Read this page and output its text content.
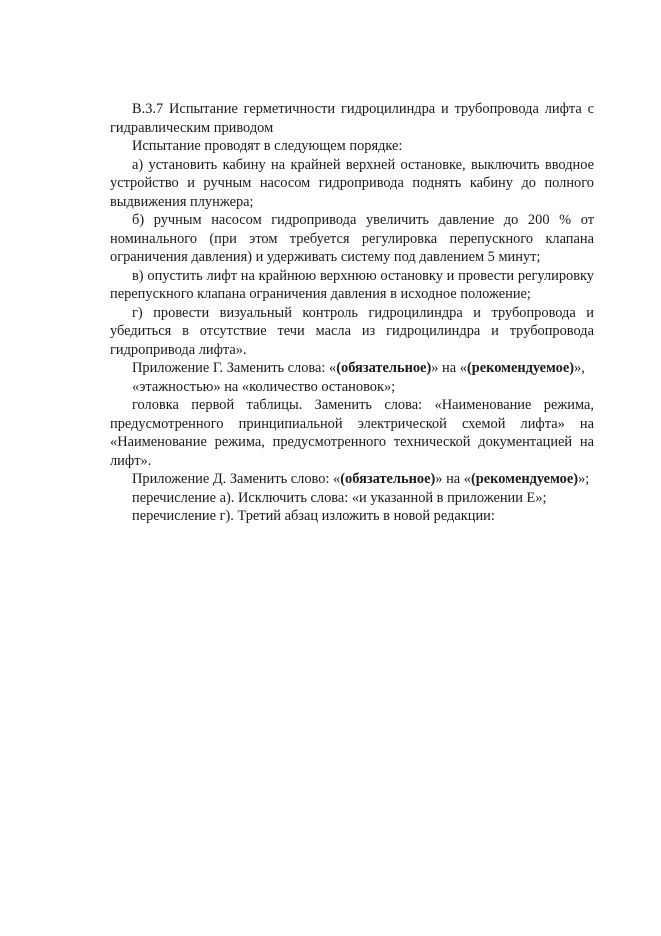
В.3.7 Испытание герметичности гидроцилиндра и трубопровода лифта с гидравлическим приводом

Испытание проводят в следующем порядке:

а) установить кабину на крайней верхней остановке, выключить вводное устройство и ручным насосом гидропривода поднять кабину до полного выдвижения плунжера;

б) ручным насосом гидропривода увеличить давление до 200 % от номинального (при этом требуется регулировка перепускного клапана ограничения давления) и удерживать систему под давлением 5 минут;

в) опустить лифт на крайнюю верхнюю остановку и провести регулировку перепускного клапана ограничения давления в исходное положение;

г) провести визуальный контроль гидроцилиндра и трубопровода и убедиться в отсутствие течи масла из гидроцилиндра и трубопровода гидропривода лифта».

Приложение Г. Заменить слова: «(обязательное)» на «(рекомендуемое)»,

«этажностью» на «количество остановок»;

головка первой таблицы. Заменить слова: «Наименование режима, предусмотренного принципиальной электрической схемой лифта» на «Наименование режима, предусмотренного технической документацией на лифт».

Приложение Д. Заменить слово: «(обязательное)» на «(рекомендуемое)»;

перечисление а). Исключить слова: «и указанной в приложении Е»;

перечисление г). Третий абзац изложить в новой редакции:
